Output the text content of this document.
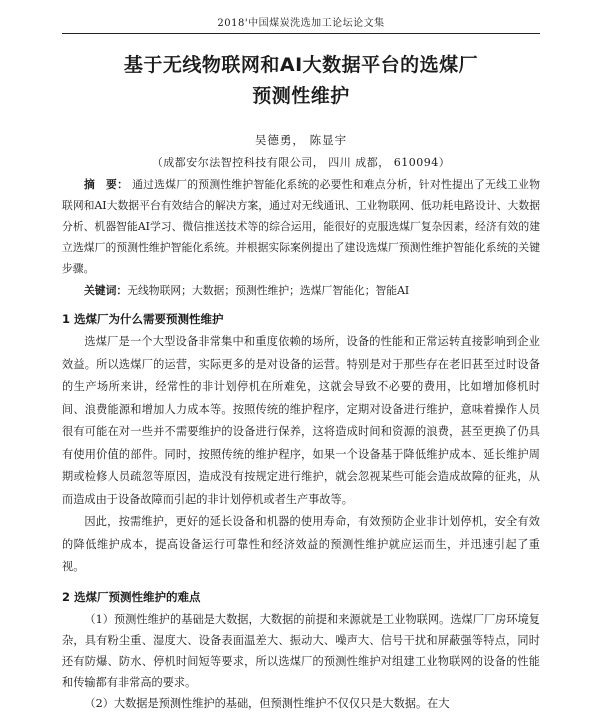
2018'中国煤炭洗选加工论坛论文集
基于无线物联网和AI大数据平台的选煤厂
预测性维护
吴德勇， 陈显宇
（成都安尔法智控科技有限公司， 四川 成都， 610094）
摘　要： 通过选煤厂的预测性维护智能化系统的必要性和难点分析，针对性提出了无线工业物联网和AI大数据平台有效结合的解决方案，通过对无线通讯、工业物联网、低功耗电路设计、大数据分析、机器智能AI学习、微信推送技术等的综合运用，能很好的克服选煤厂复杂因素，经济有效的建立选煤厂的预测性维护智能化系统。并根据实际案例提出了建设选煤厂预测性维护智能化系统的关键步骤。
关键词：无线物联网；大数据；预测性维护；选煤厂智能化；智能AI
1 选煤厂为什么需要预测性维护

选煤厂是一个大型设备非常集中和重度依赖的场所，设备的性能和正常运转直接影响到企业效益。所以选煤厂的运营，实际更多的是对设备的运营。特别是对于那些存在老旧甚至过时设备的生产场所来讲，经常性的非计划停机在所难免，这就会导致不必要的费用，比如增加修机时间、浪费能源和增加人力成本等。按照传统的维护程序，定期对设备进行维护，意味着操作人员很有可能在对一些并不需要维护的设备进行保养，这将造成时间和资源的浪费，甚至更换了仍具有使用价值的部件。同时，按照传统的维护程序，如果一个设备基于降低维护成本、延长维护周期或检修人员疏忽等原因，造成没有按规定进行维护，就会忽视某些可能会造成故障的征兆，从而造成由于设备故障而引起的非计划停机或者生产事故等。

因此，按需维护，更好的延长设备和机器的使用寿命，有效预防企业非计划停机，安全有效的降低维护成本，提高设备运行可靠性和经济效益的预测性维护就应运而生，并迅速引起了重视。

2 选煤厂预测性维护的难点

（1）预测性维护的基础是大数据，大数据的前提和来源就是工业物联网。选煤厂厂房环境复杂，具有粉尘重、湿度大、设备表面温差大、振动大、噪声大、信号干扰和屏蔽强等特点，同时还有防爆、防水、停机时间短等要求，所以选煤厂的预测性维护对组建工业物联网的设备的性能和传输都有非常高的要求。

（2）大数据是预测性维护的基础，但预测性维护不仅仅只是大数据。在大
